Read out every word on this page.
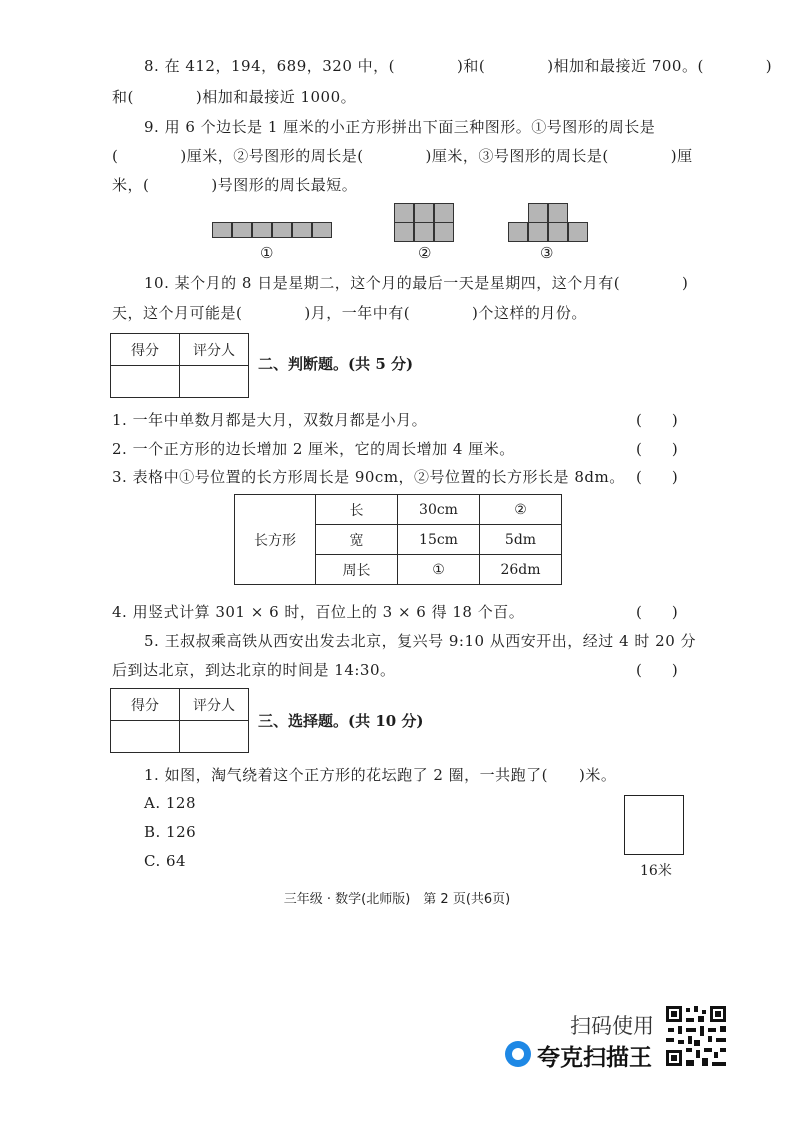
8. 在 412，194，689，320 中，(　　　　)和(　　　　)相加和最接近 700。(　　　　)
和(　　　　)相加和最接近 1000。
9. 用 6 个边长是 1 厘米的小正方形拼出下面三种图形。①号图形的周长是
(　　　　)厘米，②号图形的周长是(　　　　)厘米，③号图形的周长是(　　　　)厘
米，(　　　　)号图形的周长最短。
①	②	③
10. 某个月的 8 日是星期二，这个月的最后一天是星期四，这个月有(　　　　)
天，这个月可能是(　　　　)月，一年中有(　　　　)个这样的月份。
得分	评分人

二、判断题。(共 5 分)
1. 一年中单数月都是大月，双数月都是小月。	(　　)
2. 一个正方形的边长增加 2 厘米，它的周长增加 4 厘米。	(　　)
3. 表格中①号位置的长方形周长是 90cm，②号位置的长方形长是 8dm。 (　　)
长方形	长	30cm	②
	宽	15cm	5dm
	周长	①	26dm
4. 用竖式计算 301 × 6 时，百位上的 3 × 6 得 18 个百。	(　　)
5. 王叔叔乘高铁从西安出发去北京，复兴号 9:10 从西安开出，经过 4 时 20 分
后到达北京，到达北京的时间是 14:30。	(　　)
得分	评分人

三、选择题。(共 10 分)
1. 如图，淘气绕着这个正方形的花坛跑了 2 圈，一共跑了(　　)米。
A. 128
B. 126
C. 64
16米
三年级 · 数学(北师版)　第 2 页(共6页)
扫码使用
夸克扫描王
